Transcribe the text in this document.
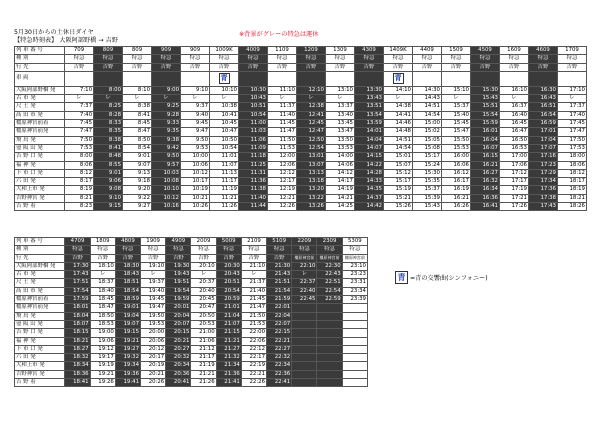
5月30日からの土休日ダイヤ
【特急時刻表】 大阪阿部野橋 → 吉野
※背景がグレーの特急は運休
列 車 番 号	709	809	809	909	909	1009K	4009	1109	1209	1309	4309	1409K	4409	1509	4509	1609	4609	1709
種 別	特急	特急	特急	特急	特急	特急	特急	特急	特急	特急	特急	特急	特急	特急	特急	特急	特急	特急
行 先	吉野	吉野	吉野	吉野	吉野	吉野	吉野	吉野	吉野	吉野	吉野	吉野	吉野	吉野	吉野	吉野	吉野	吉野
車 両						青						青						
大阪阿部野橋 発	7:10	8:00	8:10	9:00	9:10	10:10	10:30	11:10	12:10	13:10	13:30	14:10	14:30	15:10	15:30	16:10	16:30	17:10
古 市 発	レ	レ	レ	レ	レ	レ	10:43	レ	レ	レ	13:43	レ	14:43	レ	15:43	レ	16:43	レ
尺 土 発	7:37	8:25	8:38	9:25	9:37	10:38	10:51	11:37	12:38	13:37	13:51	14:38	14:51	15:37	15:51	16:37	16:51	17:37
高 田 市 発	7:40	8:28	8:41	9:28	9:40	10:41	10:54	11:40	12:41	13:40	13:54	14:41	14:54	15:40	15:54	16:40	16:54	17:40
橿原神宮前着	7:45	8:33	8:45	9:33	9:45	10:45	11:00	11:45	12:45	13:45	13:59	14:46	15:00	15:45	15:59	16:45	16:59	17:45
橿原神宮前発	7:47	8:35	8:47	9:35	9:47	10:47	11:03	11:47	12:47	13:47	14:01	14:48	15:02	15:47	16:01	16:47	17:01	17:47
飛 鳥 発	7:50	8:38	8:50	9:38	9:50	10:50	11:06	11:50	12:50	13:50	14:04	14:51	15:05	15:50	16:04	16:50	17:04	17:50
壺 阪 山 発	7:53	8:41	8:54	9:42	9:53	10:54	11:09	11:53	12:54	13:53	14:07	14:54	15:08	15:53	16:07	16:53	17:07	17:53
吉 野 口 発	8:00	8:48	9:01	9:50	10:00	11:01	11:18	12:00	13:01	14:00	14:15	15:01	15:17	16:00	16:15	17:00	17:16	18:00
福 神 発	8:06	8:55	9:07	9:57	10:06	11:07	11:25	12:06	13:07	14:06	14:22	15:07	15:24	16:06	16:21	17:06	17:23	18:06
下 市 口 発	8:12	9:01	9:13	10:03	10:12	11:13	11:31	12:12	13:13	14:12	14:28	15:12	15:30	16:12	16:27	17:12	17:29	18:12
六 田 発	8:17	9:06	9:18	10:08	10:17	11:17	11:36	12:17	13:18	14:17	14:33	15:17	15:35	16:17	16:32	17:17	17:34	18:17
大和上市 発	8:19	9:08	9:20	10:10	10:19	11:19	11:38	12:19	13:20	14:19	14:35	15:19	15:37	16:19	16:34	17:19	17:36	18:19
吉野神宮 発	8:21	9:10	9:22	10:12	10:21	11:21	11:40	12:21	13:22	14:21	14:37	15:21	15:39	16:21	16:36	17:21	17:38	18:21
吉 野 着	8:23	9:15	9:27	10:16	10:26	11:26	11:44	12:26	13:26	14:25	14:42	15:26	15:43	16:26	16:41	17:26	17:43	18:26
列 車 番 号	4709	1809	4809	1909	4909	2009	5009	2109	5109	2209	2309	5309
種 別	特急	特急	特急	特急	特急	特急	特急	特急	特急	特急	特急	特急
行 先	吉野	吉野	吉野	吉野	吉野	吉野	吉野	吉野	吉野	橿原神宮前	橿原神宮前	橿原神宮前
大阪阿部野橋 発	17:30	18:10	18:30	19:10	19:30	20:10	20:30	21:10	21:30	22:10	22:30	23:10
古 市 発	17:43	レ	18:43	レ	19:43	レ	20:43	レ	21:43	レ	22:43	23:23
尺 土 発	17:51	18:37	18:51	19:37	19:51	20:37	20:51	21:37	21:51	22:37	22:51	23:31
高 田 市 発	17:54	18:40	18:54	19:40	19:54	20:40	20:54	21:40	21:54	22:40	22:54	23:34
橿原神宮前着	17:59	18:45	18:59	19:45	19:59	20:45	20:59	21:45	21:59	22:45	22:59	23:39
橿原神宮前発	18:01	18:47	19:01	19:47	20:01	20:47	21:01	21:47	22:01			
飛 鳥 発	18:04	18:50	19:04	19:50	20:04	20:50	21:04	21:50	22:04			
壺 阪 山 発	18:07	18:53	19:07	19:53	20:07	20:53	21:07	21:53	22:07			
吉 野 口 発	18:15	19:00	19:15	20:00	20:15	21:00	21:15	22:00	22:15			
福 神 発	18:21	19:06	19:21	20:06	20:21	21:06	21:21	22:06	22:21			
下 市 口 発	18:27	19:12	19:27	20:12	20:27	21:12	21:27	22:12	22:27			
六 田 発	18:32	19:17	19:32	20:17	20:32	21:17	21:32	22:17	22:32			
大和上市 発	18:34	19:19	19:34	20:19	20:34	21:19	21:34	22:19	22:34			
吉野神宮 発	18:36	19:21	19:36	20:21	20:36	21:21	21:36	22:21	22:36			
吉 野 着	18:41	19:26	19:41	20:26	20:41	21:26	21:41	22:26	22:41			
青 =青の交響曲(シンフォニー)
